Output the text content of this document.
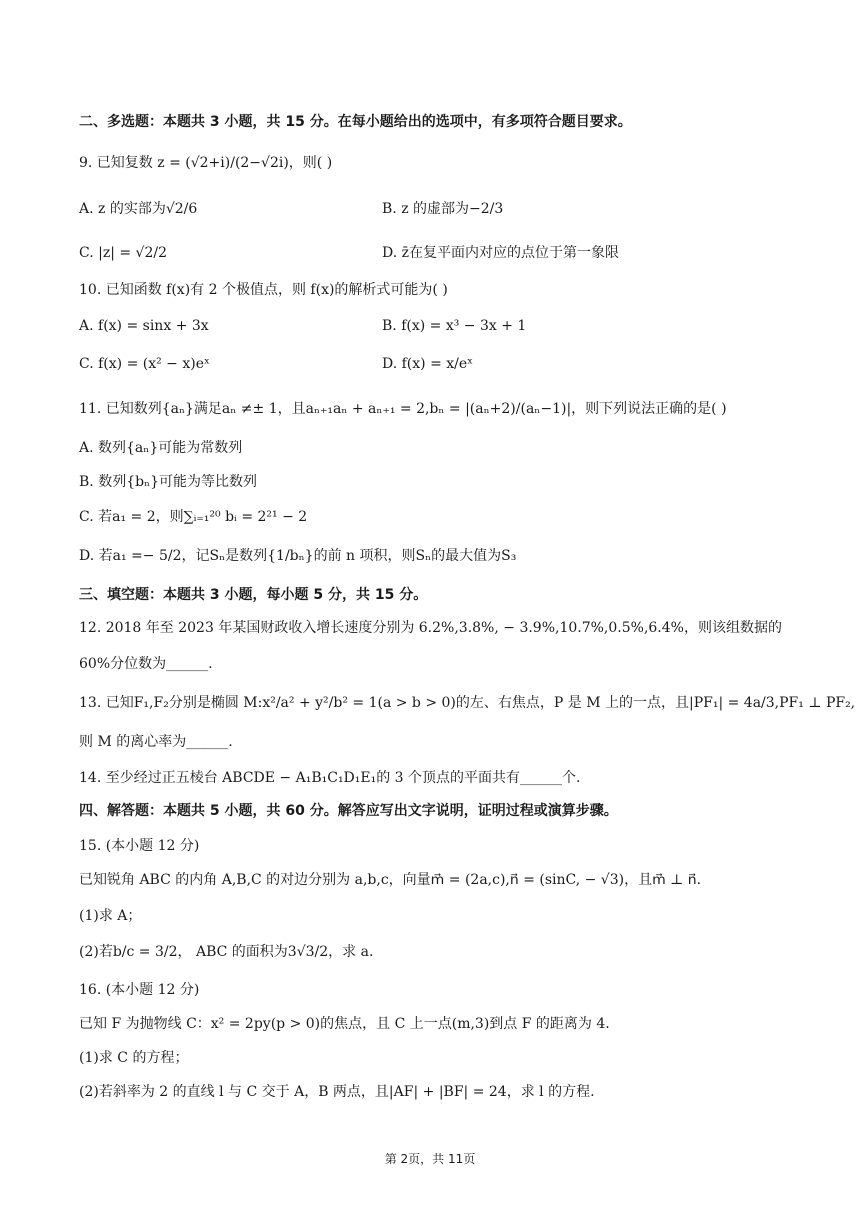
二、多选题：本题共 3 小题，共 15 分。在每小题给出的选项中，有多项符合题目要求。
9. 已知复数 z = (√2+i)/(2−√2i)，则( )
A. z 的实部为√2/6	B. z 的虚部为−2/3
C. |z| = √2/2	D. z̄在复平面内对应的点位于第一象限
10. 已知函数 f(x)有 2 个极值点，则 f(x)的解析式可能为( )
A. f(x) = sinx + 3x	B. f(x) = x³ − 3x + 1
C. f(x) = (x² − x)eˣ	D. f(x) = x/eˣ
11. 已知数列{aₙ}满足aₙ ≠± 1，且aₙ₊₁aₙ + aₙ₊₁ = 2,bₙ = |(aₙ+2)/(aₙ−1)|，则下列说法正确的是( )
A. 数列{aₙ}可能为常数列
B. 数列{bₙ}可能为等比数列
C. 若a₁ = 2，则∑ᵢ₌₁²⁰ bᵢ = 2²¹ − 2
D. 若a₁ =− 5/2，记Sₙ是数列{1/bₙ}的前 n 项积，则Sₙ的最大值为S₃
三、填空题：本题共 3 小题，每小题 5 分，共 15 分。
12. 2018 年至 2023 年某国财政收入增长速度分别为 6.2%,3.8%, − 3.9%,10.7%,0.5%,6.4%，则该组数据的
60%分位数为______.
13. 已知F₁,F₂分别是椭圆 M:x²/a² + y²/b² = 1(a > b > 0)的左、右焦点，P 是 M 上的一点，且|PF₁| = 4a/3,PF₁ ⊥ PF₂,
则 M 的离心率为______.
14. 至少经过正五棱台 ABCDE − A₁B₁C₁D₁E₁的 3 个顶点的平面共有______个.
四、解答题：本题共 5 小题，共 60 分。解答应写出文字说明，证明过程或演算步骤。
15. (本小题 12 分)
已知锐角 ABC 的内角 A,B,C 的对边分别为 a,b,c，向量m⃗ = (2a,c),n⃗ = (sinC, − √3)，且m⃗ ⊥ n⃗.
(1)求 A；
(2)若b/c = 3/2， ABC 的面积为3√3/2，求 a.
16. (本小题 12 分)
已知 F 为抛物线 C：x² = 2py(p > 0)的焦点，且 C 上一点(m,3)到点 F 的距离为 4.
(1)求 C 的方程；
(2)若斜率为 2 的直线 l 与 C 交于 A，B 两点，且|AF| + |BF| = 24，求 l 的方程.
第 2页，共 11页
